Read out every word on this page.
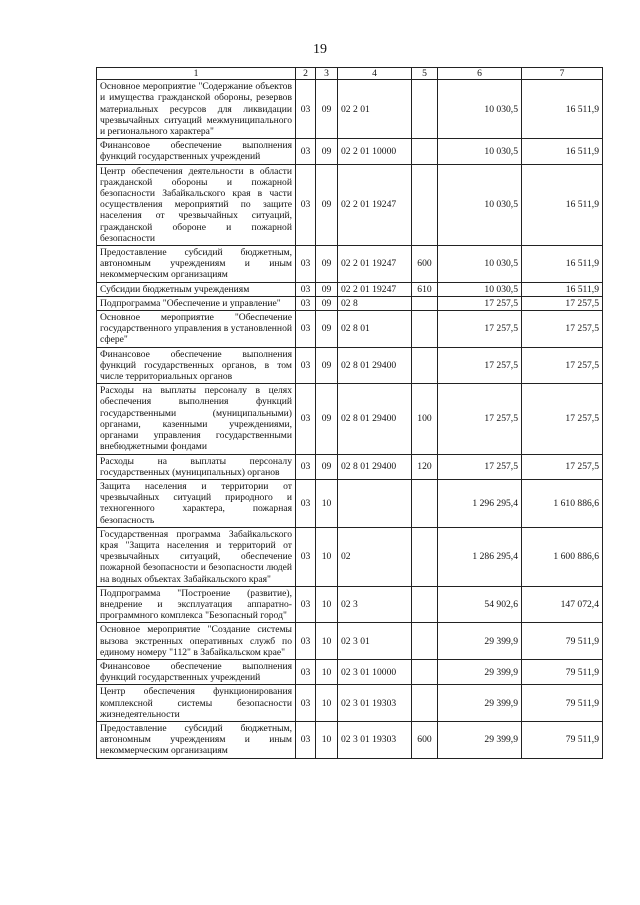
19
1	2	3	4	5	6	7
Основное мероприятие "Содержание объектов и имущества гражданской обороны, резервов материальных ресурсов для ликвидации чрезвычайных ситуаций межмуниципального и регионального характера"	03	09	02 2 01		10 030,5	16 511,9
Финансовое обеспечение выполнения функций государственных учреждений	03	09	02 2 01 10000		10 030,5	16 511,9
Центр обеспечения деятельности в области гражданской обороны и пожарной безопасности Забайкальского края в части осуществления мероприятий по защите населения от чрезвычайных ситуаций, гражданской обороне и пожарной безопасности	03	09	02 2 01 19247		10 030,5	16 511,9
Предоставление субсидий бюджетным, автономным учреждениям и иным некоммерческим организациям	03	09	02 2 01 19247	600	10 030,5	16 511,9
Субсидии бюджетным учреждениям	03	09	02 2 01 19247	610	10 030,5	16 511,9
Подпрограмма "Обеспечение и управление"	03	09	02 8		17 257,5	17 257,5
Основное мероприятие "Обеспечение государственного управления в установленной сфере"	03	09	02 8 01		17 257,5	17 257,5
Финансовое обеспечение выполнения функций государственных органов, в том числе территориальных органов	03	09	02 8 01 29400		17 257,5	17 257,5
Расходы на выплаты персоналу в целях обеспечения выполнения функций государственными (муниципальными) органами, казенными учреждениями, органами управления государственными внебюджетными фондами	03	09	02 8 01 29400	100	17 257,5	17 257,5
Расходы на выплаты персоналу государственных (муниципальных) органов	03	09	02 8 01 29400	120	17 257,5	17 257,5
Защита населения и территории от чрезвычайных ситуаций природного и техногенного характера, пожарная безопасность	03	10			1 296 295,4	1 610 886,6
Государственная программа Забайкальского края "Защита населения и территорий от чрезвычайных ситуаций, обеспечение пожарной безопасности и безопасности людей на водных объектах Забайкальского края"	03	10	02		1 286 295,4	1 600 886,6
Подпрограмма "Построение (развитие), внедрение и эксплуатация аппаратно-программного комплекса "Безопасный город"	03	10	02 3		54 902,6	147 072,4
Основное мероприятие "Создание системы вызова экстренных оперативных служб по единому номеру "112" в Забайкальском крае"	03	10	02 3 01		29 399,9	79 511,9
Финансовое обеспечение выполнения функций государственных учреждений	03	10	02 3 01 10000		29 399,9	79 511,9
Центр обеспечения функционирования комплексной системы безопасности жизнедеятельности	03	10	02 3 01 19303		29 399,9	79 511,9
Предоставление субсидий бюджетным, автономным учреждениям и иным некоммерческим организациям	03	10	02 3 01 19303	600	29 399,9	79 511,9
